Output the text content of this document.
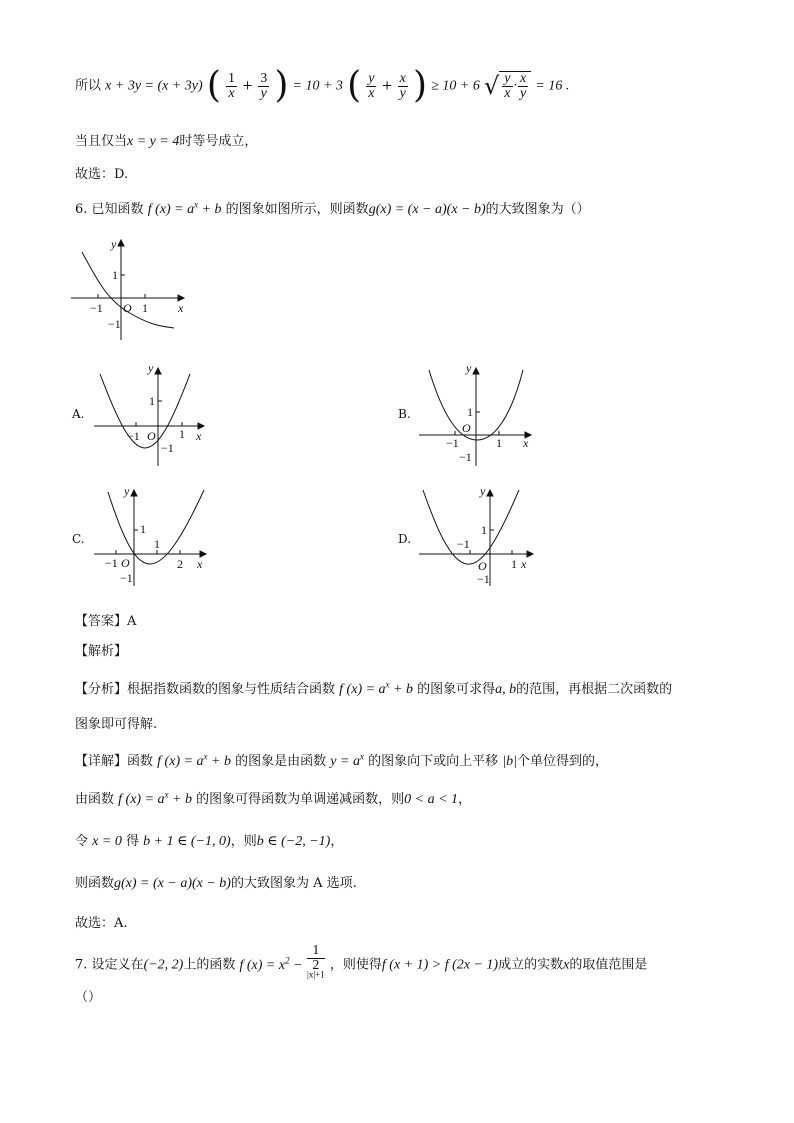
所以 x + 3y = (x + 3y) ( $\frac{1}{x} + \frac{3}{y}$ ) = 10 + 3 ( $\frac{y}{x} + \frac{x}{y}$ ) ≥ 10 + 6 √ $\frac{y}{x} \cdot \frac{x}{y} = 16$ .
当且仅当x = y = 4时等号成立，
故选：D.
6. 已知函数 f $(x) = a^x + b$ 的图象如图所示，则函数g(x) = (x − a)(x − b)的大致图象为（）
y
x
O
1
1
−1
−1
A.
y
x
O
1
1
−1
−1
B.
y
x
O
1
1
−1
−1
C.
y
x
O
1
1
2
−1
−1
D.
y
x
O
1
1
−1
−1
【答案】A
【解析】
【分析】根据指数函数的图象与性质结合函数 f $(x) = a^x + b$ 的图象可求得a, b的范围，再根据二次函数的
图象即可得解.
【详解】函数 f $(x) = a^x + b$ 的图象是由函数 $y = a^x$ 的图象向下或向上平移 |b|个单位得到的，
由函数 f $(x) = a^x + b$ 的图象可得函数为单调递减函数，则0 < a < 1，
令 x = 0 得 b + 1 ∈ (−1, 0)，则b ∈ (−2, −1)，
则函数g(x) = (x − a)(x − b)的大致图象为 A 选项.
故选：A.
7. 设定义在(−2, 2)上的函数 f $(x) = x^2 - 1$
2
$^{|x|+1}$ ，则使得f (x + 1) > f (2x − 1)成立的实数x的取值范围是
（）
